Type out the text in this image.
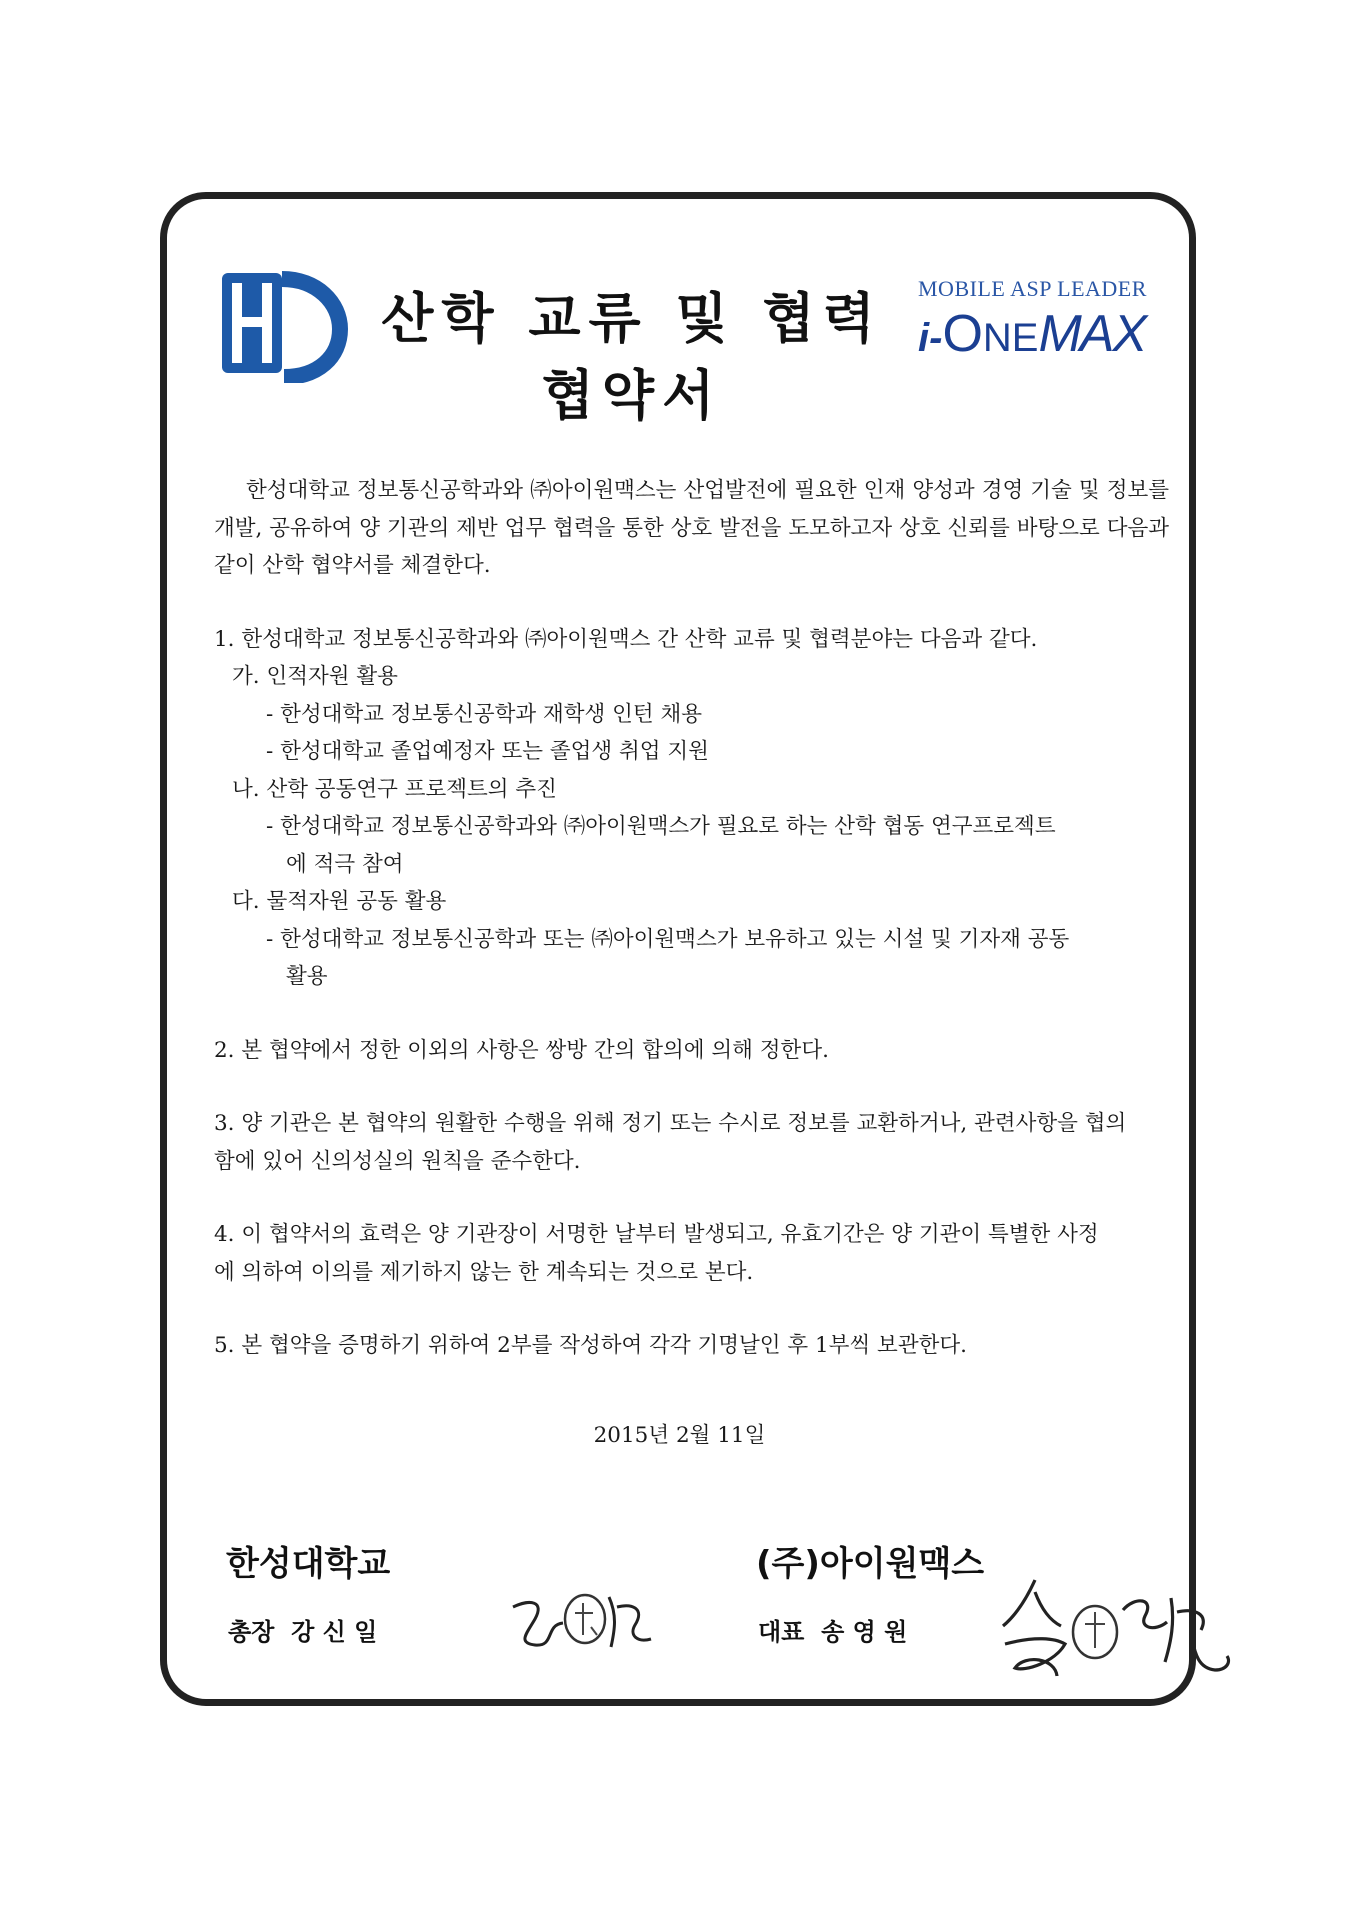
산학 교류 및 협력 협약서
MOBILE ASP LEADER
i-ONEMAX

한성대학교 정보통신공학과와 ㈜아이원맥스는 산업발전에 필요한 인재 양성과 경영 기술 및 정보를 개발, 공유하여 양 기관의 제반 업무 협력을 통한 상호 발전을 도모하고자 상호 신뢰를 바탕으로 다음과 같이 산학 협약서를 체결한다.

1. 한성대학교 정보통신공학과와 ㈜아이원맥스 간 산학 교류 및 협력분야는 다음과 같다.

가. 인적자원 활용

- 한성대학교 정보통신공학과 재학생 인턴 채용

- 한성대학교 졸업예정자 또는 졸업생 취업 지원

나. 산학 공동연구 프로젝트의 추진

- 한성대학교 정보통신공학과와 ㈜아이원맥스가 필요로 하는 산학 협동 연구프로젝트

에 적극 참여

다. 물적자원 공동 활용

- 한성대학교 정보통신공학과 또는 ㈜아이원맥스가 보유하고 있는 시설 및 기자재 공동

활용

2. 본 협약에서 정한 이외의 사항은 쌍방 간의 합의에 의해 정한다.

3. 양 기관은 본 협약의 원활한 수행을 위해 정기 또는 수시로 정보를 교환하거나, 관련사항을 협의

함에 있어 신의성실의 원칙을 준수한다.

4. 이 협약서의 효력은 양 기관장이 서명한 날부터 발생되고, 유효기간은 양 기관이 특별한 사정

에 의하여 이의를 제기하지 않는 한 계속되는 것으로 본다.

5. 본 협약을 증명하기 위하여 2부를 작성하여 각각 기명날인 후 1부씩 보관한다.

2015년 2월 11일
한성대학교
총장  강 신 일
(주)아이원맥스
대표  송 영 원
